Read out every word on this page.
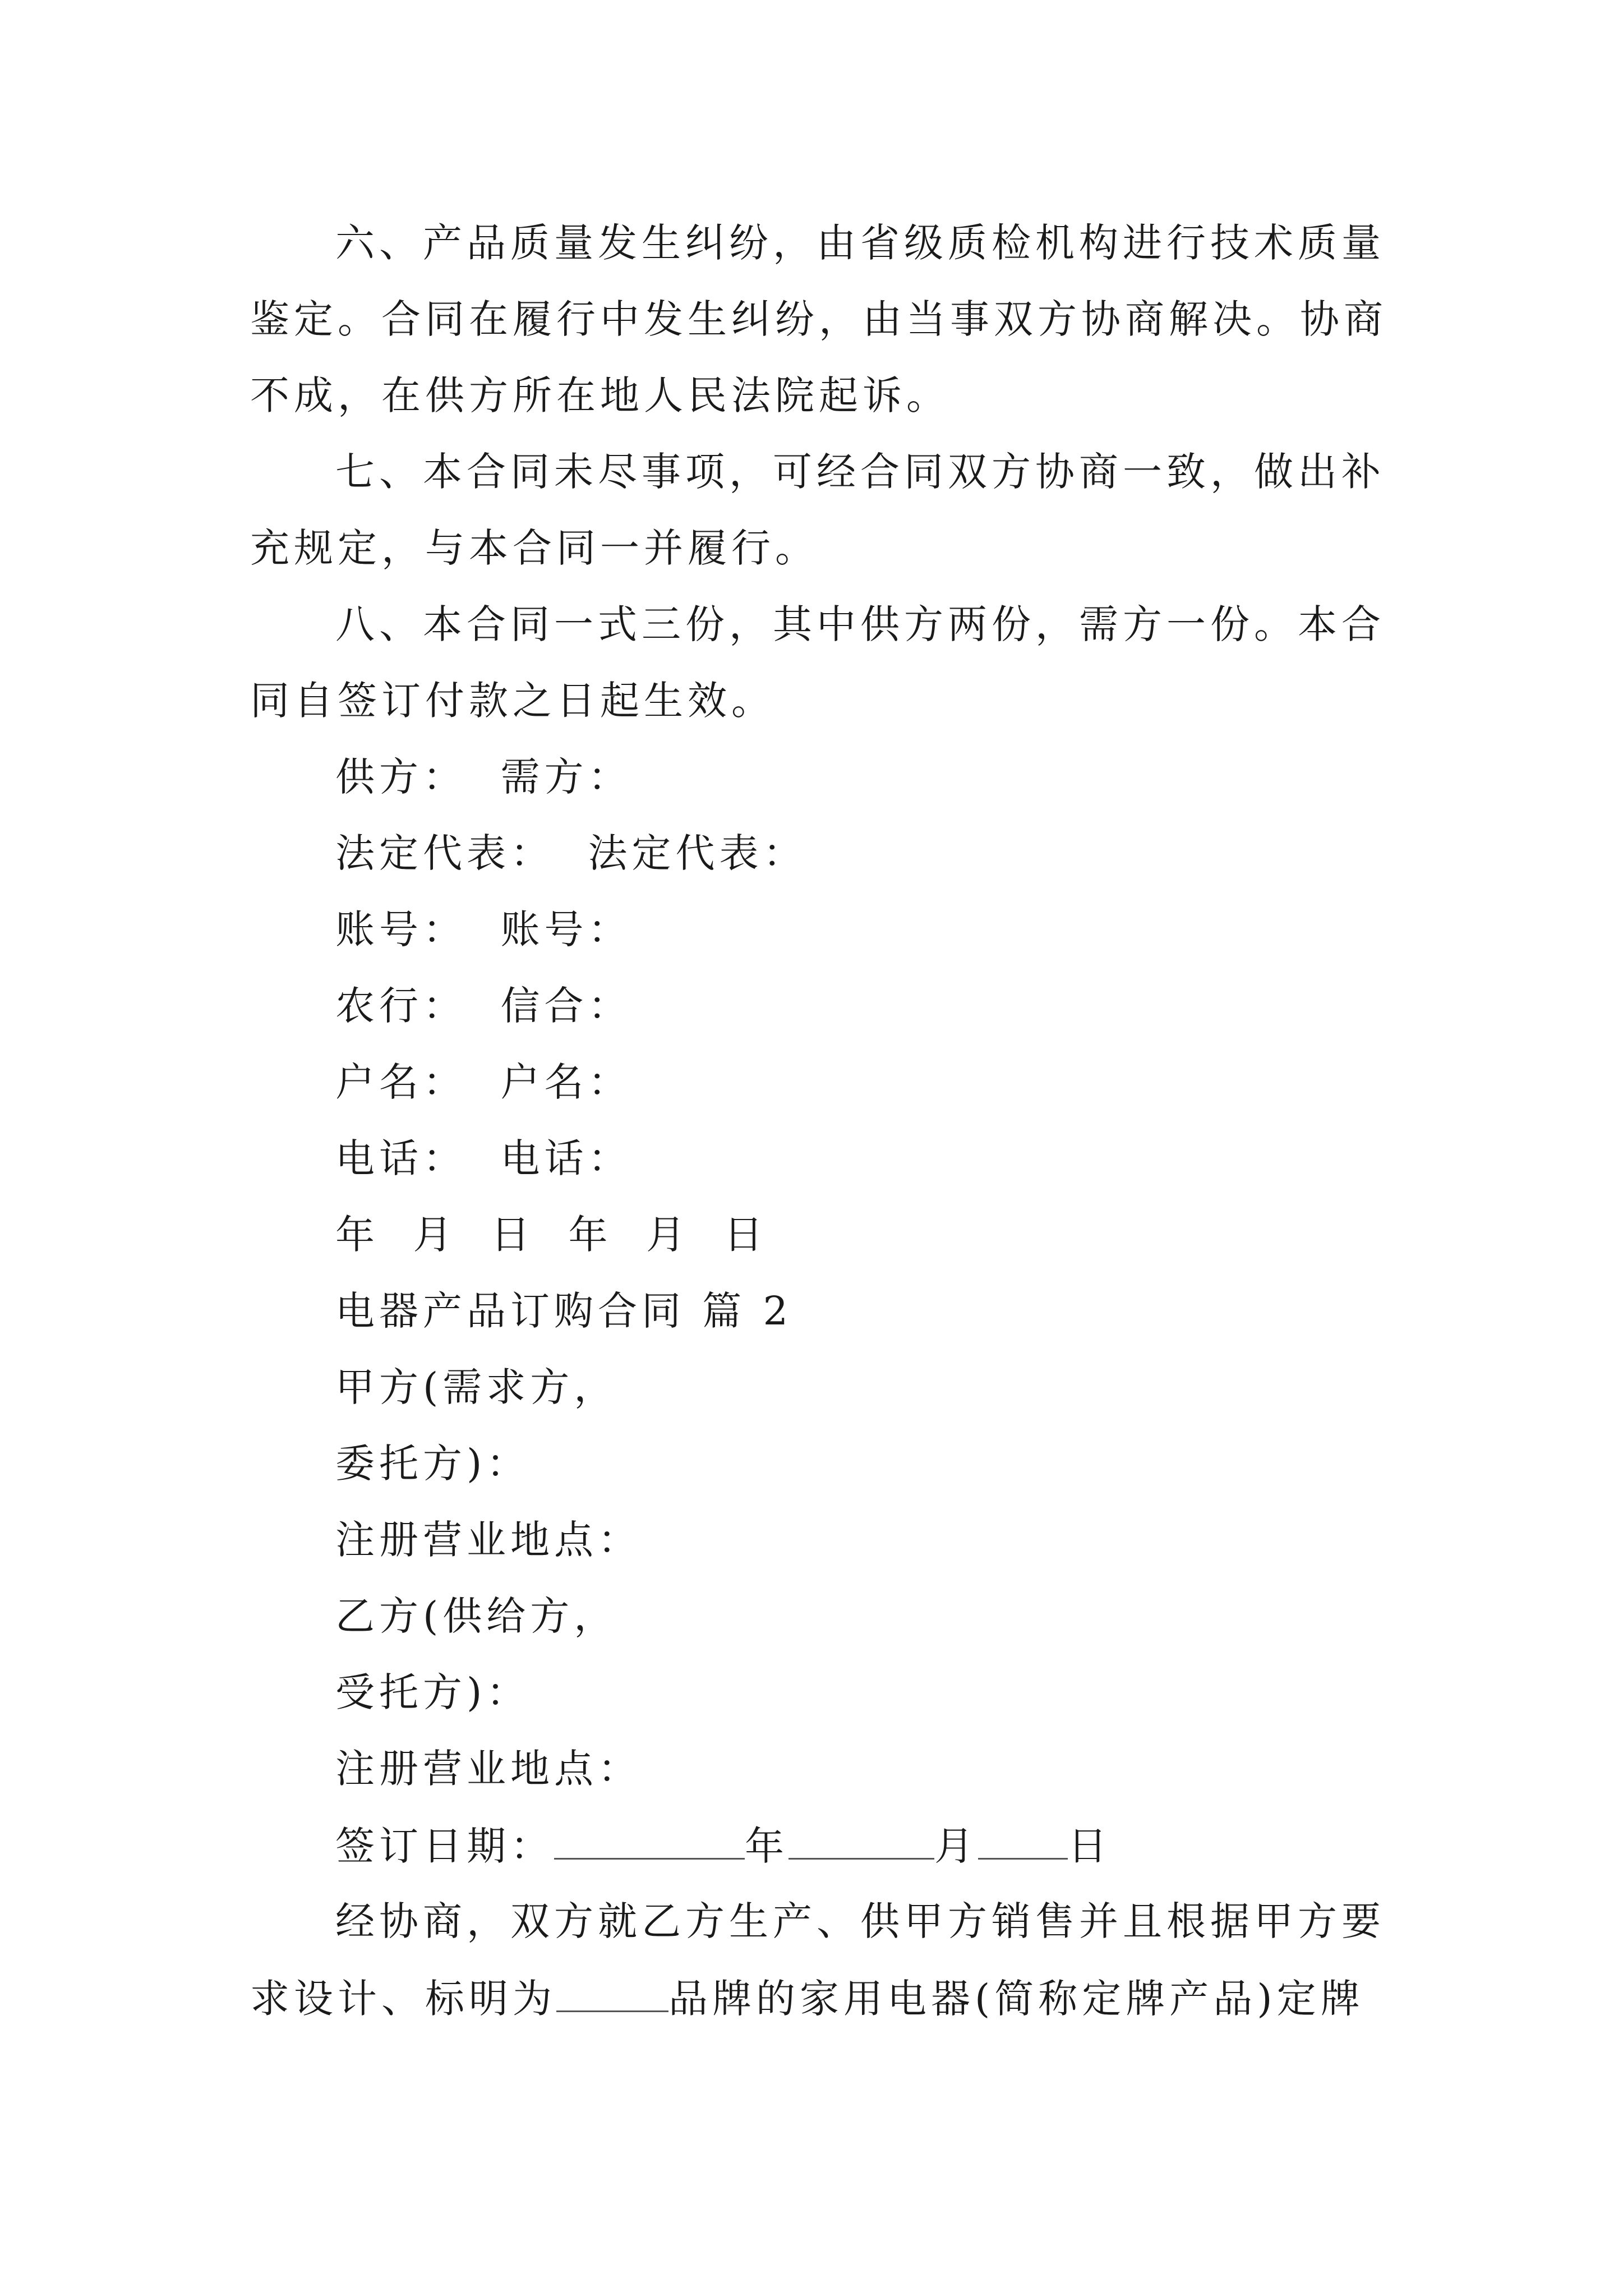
六、产品质量发生纠纷，由省级质检机构进行技术质量
鉴定。合同在履行中发生纠纷，由当事双方协商解决。协商
不成，在供方所在地人民法院起诉。
七、本合同未尽事项，可经合同双方协商一致，做出补
充规定，与本合同一并履行。
八、本合同一式三份，其中供方两份，需方一份。本合
同自签订付款之日起生效。
供方：  需方：
法定代表：  法定代表：
账号：  账号：
农行：  信合：
户名：  户名：
电话：  电话：
年  月  日  年  月  日
电器产品订购合同 篇 2
甲方(需求方，
委托方)：
注册营业地点：
乙方(供给方，
受托方)：
注册营业地点：
签订日期：	年	月 日
经协商，双方就乙方生产、供甲方销售并且根据甲方要
求设计、标明为	品牌的家用电器(简称定牌产品)定牌
